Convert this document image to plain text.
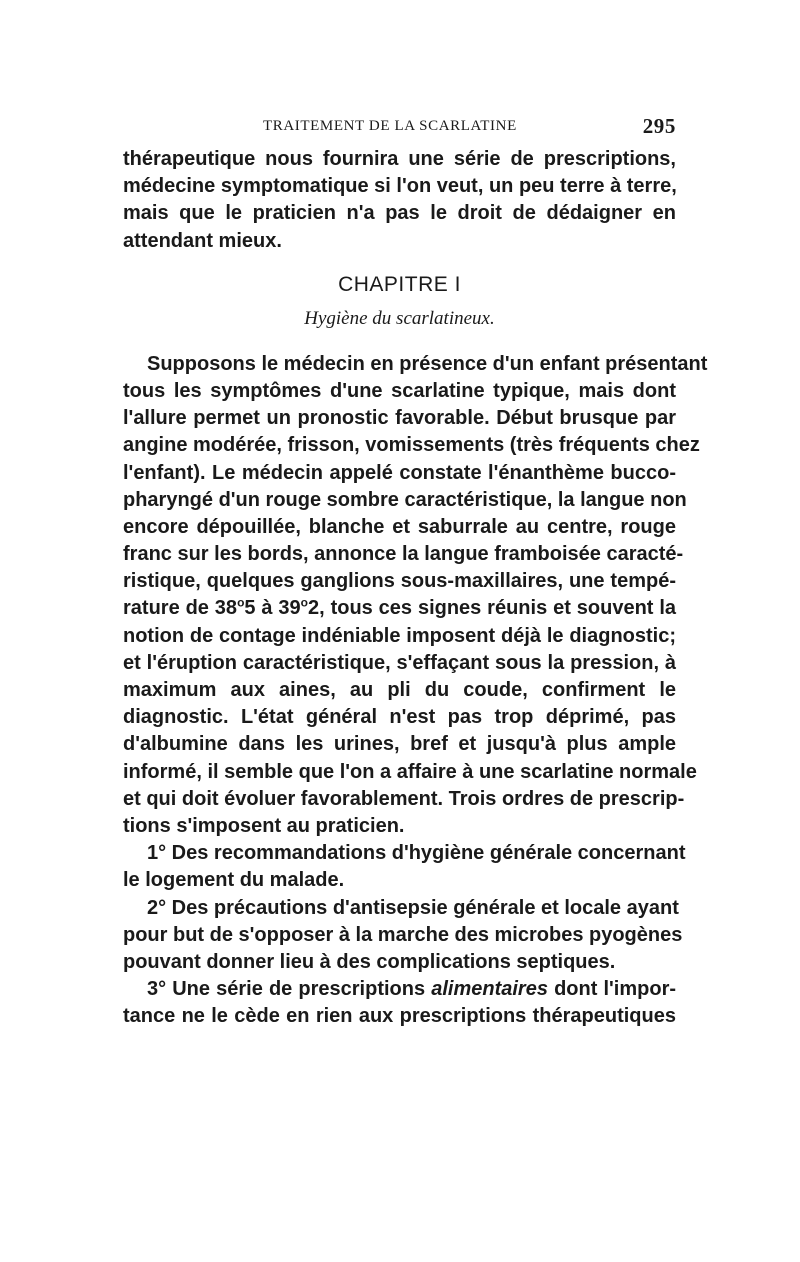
TRAITEMENT DE LA SCARLATINE	295
thérapeutique nous fournira une série de prescriptions,
médecine symptomatique si l'on veut, un peu terre à terre,
mais que le praticien n'a pas le droit de dédaigner en
attendant mieux.
CHAPITRE I
Hygiène du scarlatineux.
Supposons le médecin en présence d'un enfant présentant
tous les symptômes d'une scarlatine typique, mais dont
l'allure permet un pronostic favorable. Début brusque par
angine modérée, frisson, vomissements (très fréquents chez
l'enfant). Le médecin appelé constate l'énanthème bucco-
pharyngé d'un rouge sombre caractéristique, la langue non
encore dépouillée, blanche et saburrale au centre, rouge
franc sur les bords, annonce la langue framboisée caracté-
ristique, quelques ganglions sous-maxillaires, une tempé-
rature de 38$^o$5 à 39$^o$2, tous ces signes réunis et souvent la
notion de contage indéniable imposent déjà le diagnostic;
et l'éruption caractéristique, s'effaçant sous la pression, à
maximum aux aines, au pli du coude, confirment le
diagnostic. L'état général n'est pas trop déprimé, pas
d'albumine dans les urines, bref et jusqu'à plus ample
informé, il semble que l'on a affaire à une scarlatine normale
et qui doit évoluer favorablement. Trois ordres de prescrip-
tions s'imposent au praticien.
1° Des recommandations d'hygiène générale concernant
le logement du malade.
2° Des précautions d'antisepsie générale et locale ayant
pour but de s'opposer à la marche des microbes pyogènes
pouvant donner lieu à des complications septiques.
3° Une série de prescriptions alimentaires dont l'impor-
tance ne le cède en rien aux prescriptions thérapeutiques
